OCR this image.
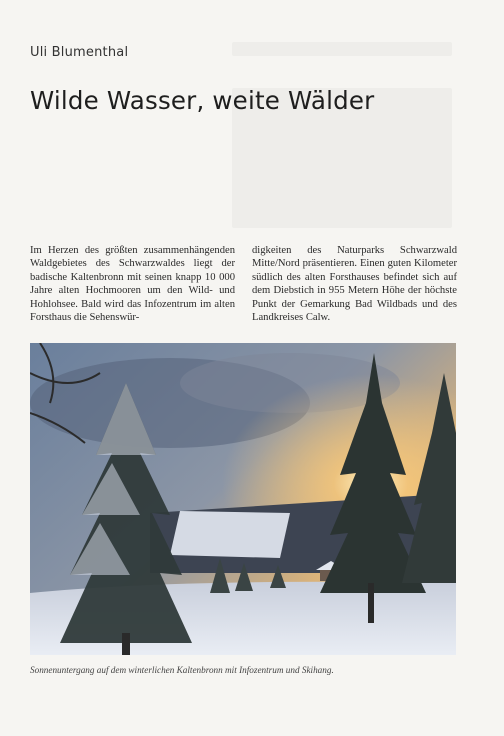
Uli Blumenthal
Wilde Wasser, weite Wälder
Im Herzen des größten zusammenhängenden Waldgebietes des Schwarzwaldes liegt der badische Kaltenbronn mit seinen knapp 10 000 Jahre alten Hochmooren um den Wild- und Hohlohsee. Bald wird das Infozentrum im alten Forsthaus die Sehenswür-
digkeiten des Naturparks Schwarzwald Mitte/Nord präsentieren. Einen guten Kilometer südlich des alten Forsthauses befindet sich auf dem Diebstich in 955 Metern Höhe der höchste Punkt der Gemarkung Bad Wildbads und des Landkreises Calw.
Sonnenuntergang auf dem winterlichen Kaltenbronn mit Infozentrum und Skihang.
